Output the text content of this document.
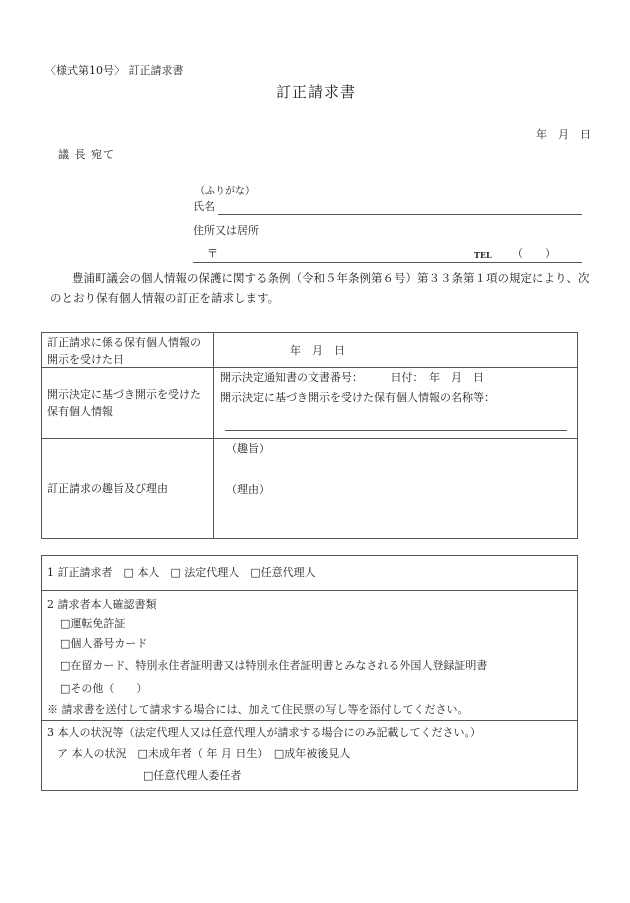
〈様式第10号〉 訂正請求書
訂正請求書
年　月　日
議 長 宛て
（ふりがな）
氏名
住所又は居所
〒	TEL （　　）
豊浦町議会の個人情報の保護に関する条例（令和５年条例第６号）第３３条第１項の規定により、次のとおり保有個人情報の訂正を請求します。
訂正請求に係る保有個人情報の開示を受けた日
年　月　日
開示決定に基づき開示を受けた保有個人情報
開示決定通知書の文書番号：　　　日付：　年　月　日
開示決定に基づき開示を受けた保有個人情報の名称等：
訂正請求の趣旨及び理由
（趣旨）
（理由）
1 訂正請求者　□ 本人　□ 法定代理人　□任意代理人
2 請求者本人確認書類
□運転免許証
□個人番号カード
□在留カード、特別永住者証明書又は特別永住者証明書とみなされる外国人登録証明書
□その他（　　）
※ 請求書を送付して請求する場合には、加えて住民票の写し等を添付してください。
3 本人の状況等（法定代理人又は任意代理人が請求する場合にのみ記載してください。）
ア 本人の状況　□未成年者（ 年 月 日生）　□成年被後見人
□任意代理人委任者
